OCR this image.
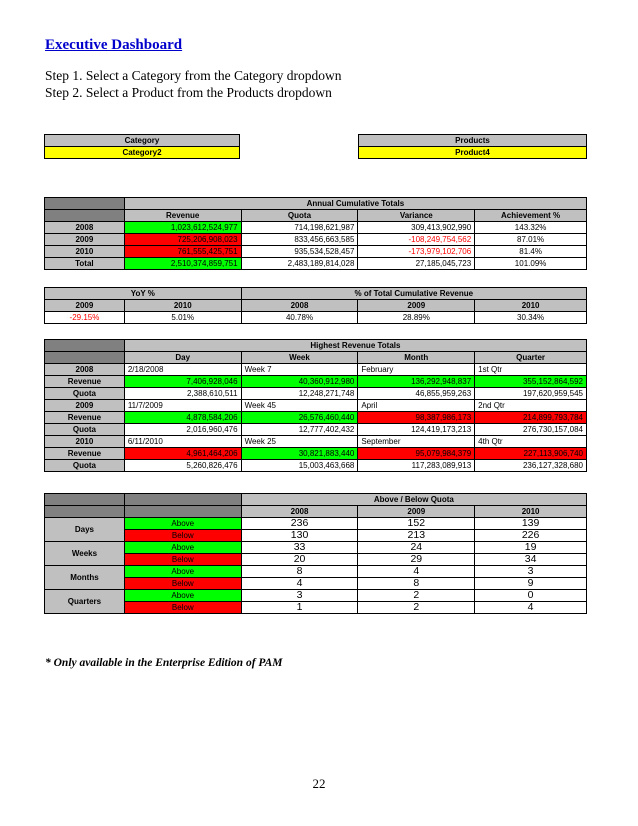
Executive Dashboard
Step 1. Select a Category from the Category dropdown
Step 2. Select a Product from the Products dropdown
Category
Category2
Products
Product4
	Annual Cumulative Totals			
	Revenue	Quota	Variance	Achievement %
2008	1,023,612,524,977	714,198,621,987	309,413,902,990	143.32%
2009	725,206,908,023	833,456,663,585	-108,249,754,562	87.01%
2010	761,555,425,751	935,534,528,457	-173,979,102,706	81.4%
Total	2,510,374,859,751	2,483,189,814,028	27,185,045,723	101.09%
YoY %		% of Total Cumulative Revenue		
2009	2010	2008	2009	2010
-29.15%	5.01%	40.78%	28.89%	30.34%
	Highest Revenue Totals			
	Day	Week	Month	Quarter
2008	2/18/2008	Week 7	February	1st Qtr
Revenue	7,406,928,046	40,360,912,980	136,292,948,837	355,152,864,592
Quota	2,388,610,511	12,248,271,748	46,855,959,263	197,620,959,545
2009	11/7/2009	Week 45	April	2nd Qtr
Revenue	4,878,584,206	26,576,460,440	98,387,986,173	214,899,793,784
Quota	2,016,960,476	12,777,402,432	124,419,173,213	276,730,157,084
2010	6/11/2010	Week 25	September	4th Qtr
Revenue	4,961,464,206	30,821,883,440	95,079,984,379	227,113,906,740
Quota	5,260,826,476	15,003,463,668	117,283,089,913	236,127,328,680
		Above / Below Quota		
		2008	2009	2010
Days	Above	236	152	139
	Below	130	213	226
Weeks	Above	33	24	19
	Below	20	29	34
Months	Above	8	4	3
	Below	4	8	9
Quarters	Above	3	2	0
	Below	1	2	4
* Only available in the Enterprise Edition of PAM
22
